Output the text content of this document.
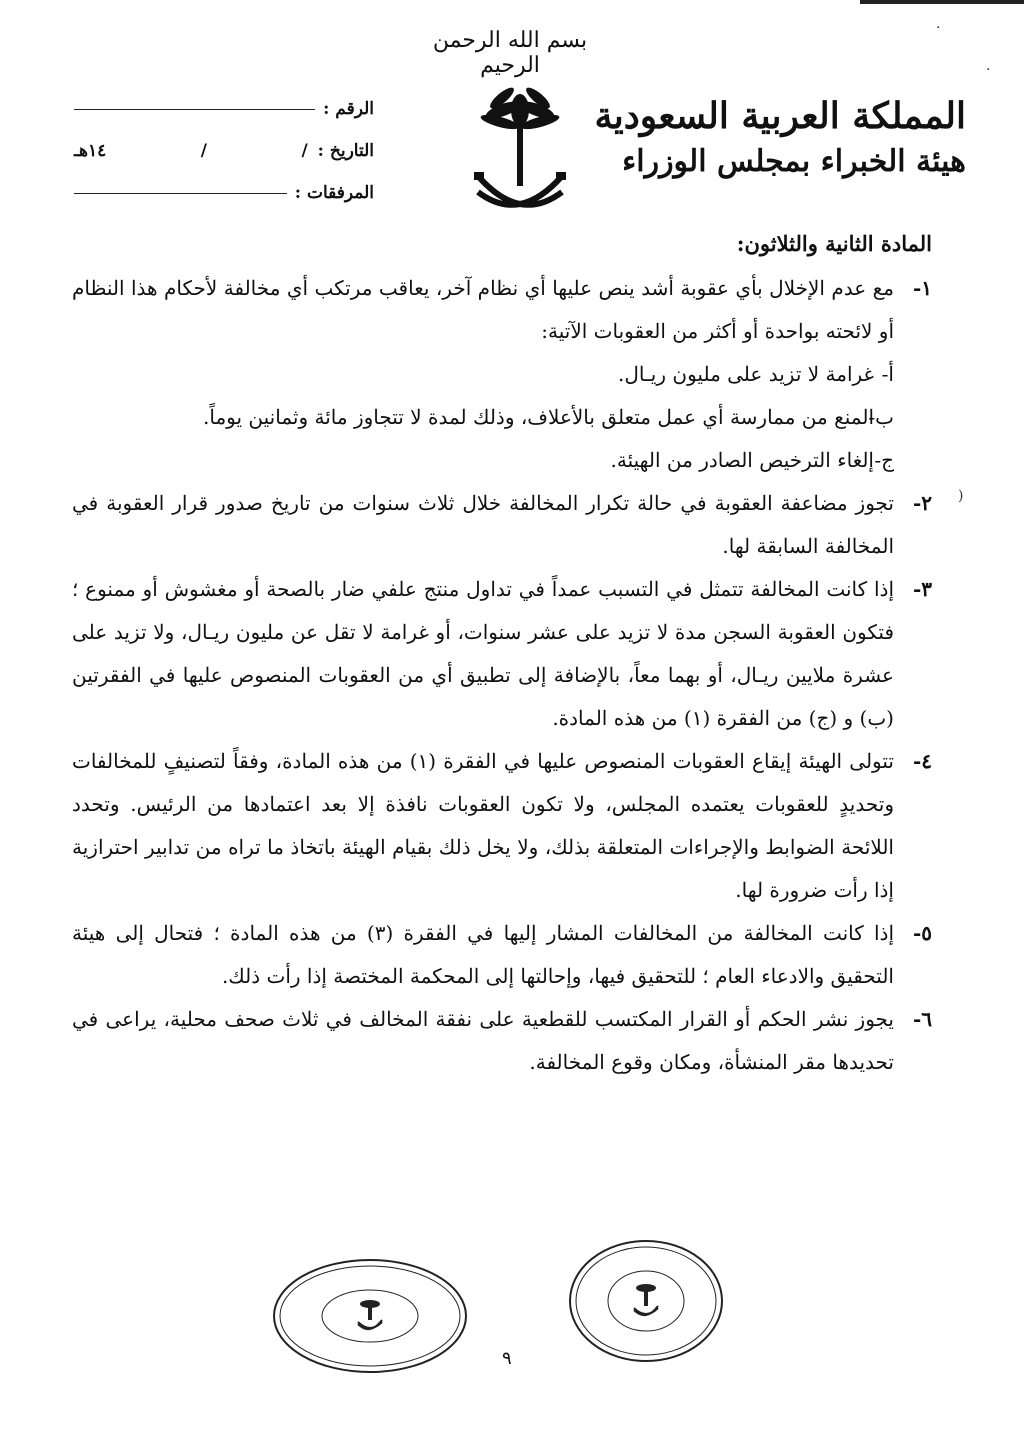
بسم الله الرحمن الرحيم
المملكة العربية السعودية
هيئة الخبراء بمجلس الوزراء
الرقم :
التاريخ :
/
/
١٤هـ
المرفقات :
المادة الثانية والثلاثون:
١-
مع عدم الإخلال بأي عقوبة أشد ينص عليها أي نظام آخر، يعاقب مرتكب أي مخالفة لأحكام هذا النظام أو لائحته بواحدة أو أكثر من العقوبات الآتية:
أ-
غرامة لا تزيد على مليون ريـال.
ب-
المنع من ممارسة أي عمل متعلق بالأعلاف، وذلك لمدة لا تتجاوز مائة وثمانين يوماً.
ج-
إلغاء الترخيص الصادر من الهيئة.
٢-
تجوز مضاعفة العقوبة في حالة تكرار المخالفة خلال ثلاث سنوات من تاريخ صدور قرار العقوبة في المخالفة السابقة لها.
٣-
إذا كانت المخالفة تتمثل في التسبب عمداً في تداول منتج علفي ضار بالصحة أو مغشوش أو ممنوع ؛ فتكون العقوبة السجن مدة لا تزيد على عشر سنوات، أو غرامة لا تقل عن مليون ريـال، ولا تزيد على عشرة ملايين ريـال، أو بهما معاً، بالإضافة إلى تطبيق أي من العقوبات المنصوص عليها في الفقرتين (ب) و (ج) من الفقرة (١) من هذه المادة.
٤-
تتولى الهيئة إيقاع العقوبات المنصوص عليها في الفقرة (١) من هذه المادة، وفقاً لتصنيفٍ للمخالفات وتحديدٍ للعقوبات يعتمده المجلس، ولا تكون العقوبات نافذة إلا بعد اعتمادها من الرئيس. وتحدد اللائحة الضوابط والإجراءات المتعلقة بذلك، ولا يخل ذلك بقيام الهيئة باتخاذ ما تراه من تدابير احترازية إذا رأت ضرورة لها.
٥-
إذا كانت المخالفة من المخالفات المشار إليها في الفقرة (٣) من هذه المادة ؛ فتحال إلى هيئة التحقيق والادعاء العام ؛ للتحقيق فيها، وإحالتها إلى المحكمة المختصة إذا رأت ذلك.
٦-
يجوز نشر الحكم أو القرار المكتسب للقطعية على نفقة المخالف في ثلاث صحف محلية، يراعى في تحديدها مقر المنشأة، ومكان وقوع المخالفة.
٩
·
·
)
